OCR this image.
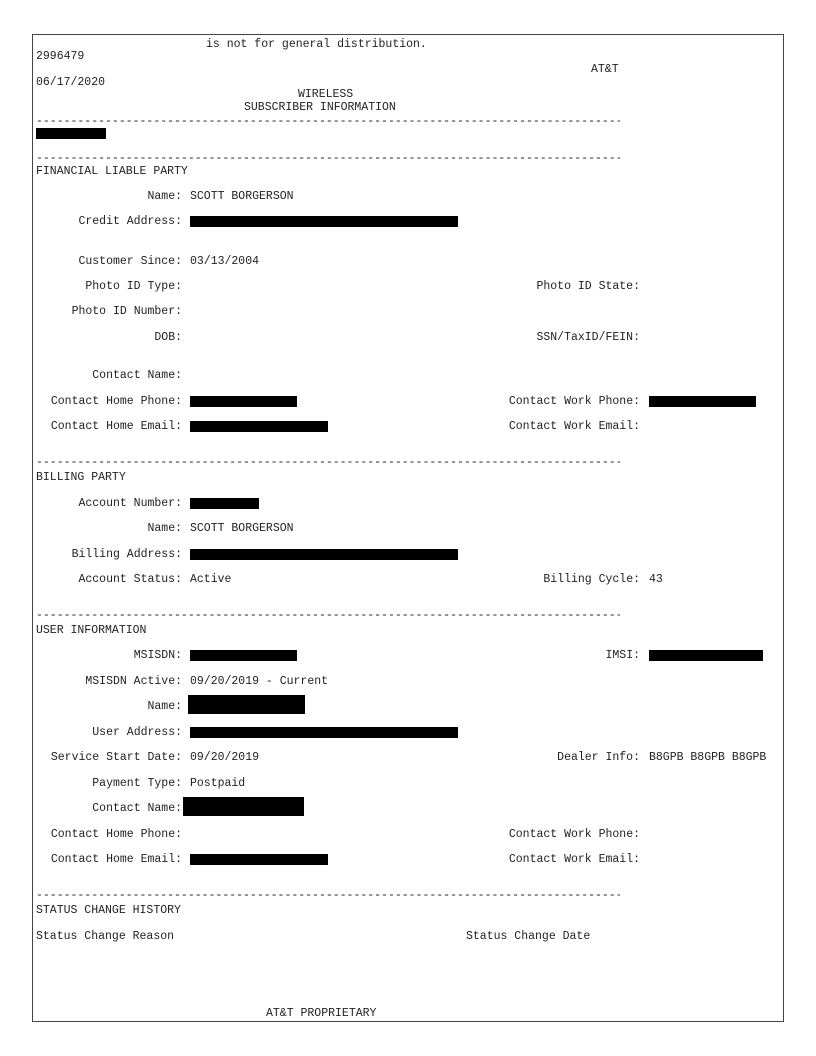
is not for general distribution.
2996479
AT&T
06/17/2020
WIRELESS
SUBSCRIBER INFORMATION
-----
-----
FINANCIAL LIABLE PARTY
Name: SCOTT BORGERSON
Credit Address:
Customer Since: 03/13/2004
Photo ID Type:	Photo ID State:
Photo ID Number:
DOB:	SSN/TaxID/FEIN:
Contact Name:
Contact Home Phone:	Contact Work Phone:
Contact Home Email:	Contact Work Email:
-----
BILLING PARTY
Account Number:
Name: SCOTT BORGERSON
Billing Address:
Account Status: Active	Billing Cycle: 43
-----
USER INFORMATION
MSISDN:	IMSI:
MSISDN Active: 09/20/2019 - Current
Name:
User Address:
Service Start Date: 09/20/2019	Dealer Info: B8GPB B8GPB B8GPB
Payment Type: Postpaid
Contact Name:
Contact Home Phone:	Contact Work Phone:
Contact Home Email:	Contact Work Email:
-----
STATUS CHANGE HISTORY
Status Change Reason	Status Change Date
AT&T PROPRIETARY
